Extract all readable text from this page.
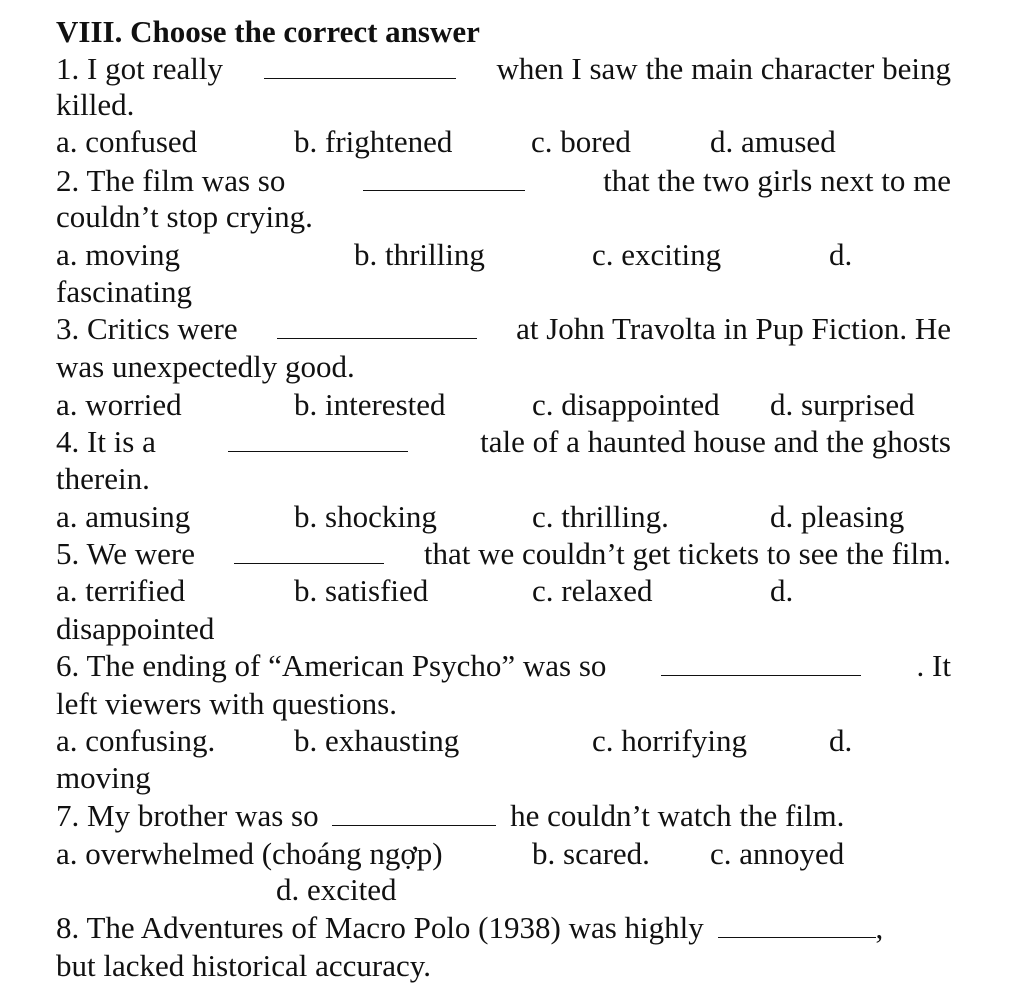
VIII. Choose the correct answer
1. I got really	when I saw the main character being
killed.
a. confused	b. frightened	c. bored	d. amused
2. The film was so	that the two girls next to me
couldn’t stop crying.
a. moving	b. thrilling	c. exciting	d.
fascinating
3. Critics were	at John Travolta in Pup Fiction. He
was unexpectedly good.
a. worried	b. interested	c. disappointed d. surprised
4. It is a	tale of a haunted house and the ghosts
therein.
a. amusing	b. shocking	c. thrilling.	d. pleasing
5. We were	that we couldn’t get tickets to see the film.
a. terrified	b. satisfied	c. relaxed	d.
disappointed
6. The ending of “American Psycho” was so	. It
left viewers with questions.
a. confusing.	b. exhausting	c. horrifying	d.
moving
7. My brother was so	he couldn’t watch the film.
a. overwhelmed (choáng ngợp)	b. scared. c. annoyed
d. excited
8. The Adventures of Macro Polo (1938) was highly	,
but lacked historical accuracy.
